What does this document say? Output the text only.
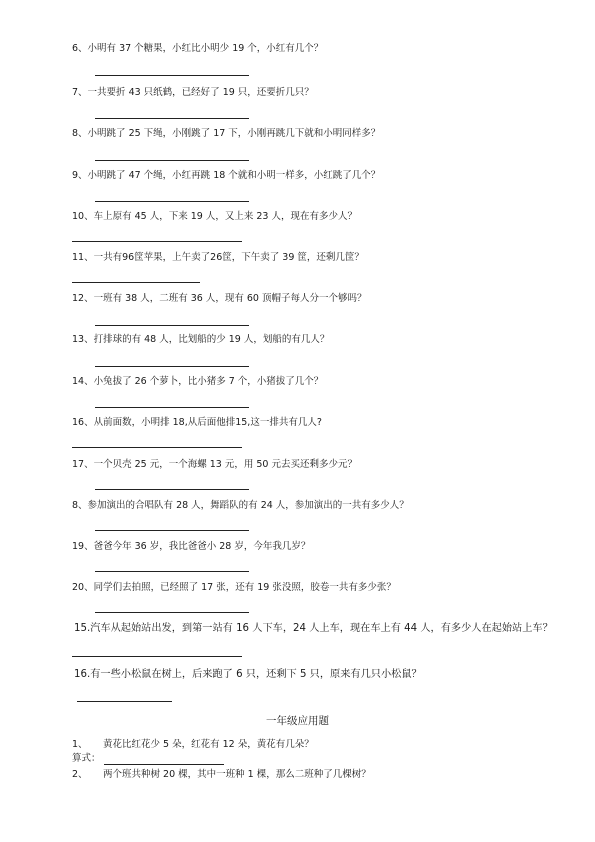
6、小明有 37 个糖果，小红比小明少 19 个，小红有几个？
7、一共要折 43 只纸鹤，已经好了 19 只，还要折几只？
8、小明跳了 25 下绳，小刚跳了 17 下，小刚再跳几下就和小明同样多？
9、小明跳了 47 个绳，小红再跳 18 个就和小明一样多，小红跳了几个？
10、车上原有 45 人，下来 19 人，又上来 23 人，现在有多少人？
11、一共有96筐苹果，上午卖了26筐，下午卖了 39 筐，还剩几筐？
12、一班有 38 人，二班有 36 人，现有 60 顶帽子每人分一个够吗？
13、打排球的有 48 人，比划船的少 19 人，划船的有几人？
14、小兔拔了 26 个萝卜，比小猪多 7 个，小猪拔了几个？
16、从前面数，小明排 18,从后面他排15,这一排共有几人?
17、一个贝壳 25 元，一个海螺 13 元，用 50 元去买还剩多少元？
8、参加演出的合唱队有 28 人，舞蹈队的有 24 人，参加演出的一共有多少人？
19、爸爸今年 36 岁，我比爸爸小 28 岁，今年我几岁？
20、同学们去拍照，已经照了 17 张，还有 19 张没照，胶卷一共有多少张？
15.汽车从起始站出发，到第一站有 16 人下车，24 人上车，现在车上有 44 人，有多少人在起始站上车？
16.有一些小松鼠在树上，后来跑了 6 只，还剩下 5 只，原来有几只小松鼠？
一年级应用题
1、 黄花比红花少 5 朵，红花有 12 朵，黄花有几朵？
算式：
2、 两个班共种树 20 棵，其中一班种 1 棵，那么二班种了几棵树？
